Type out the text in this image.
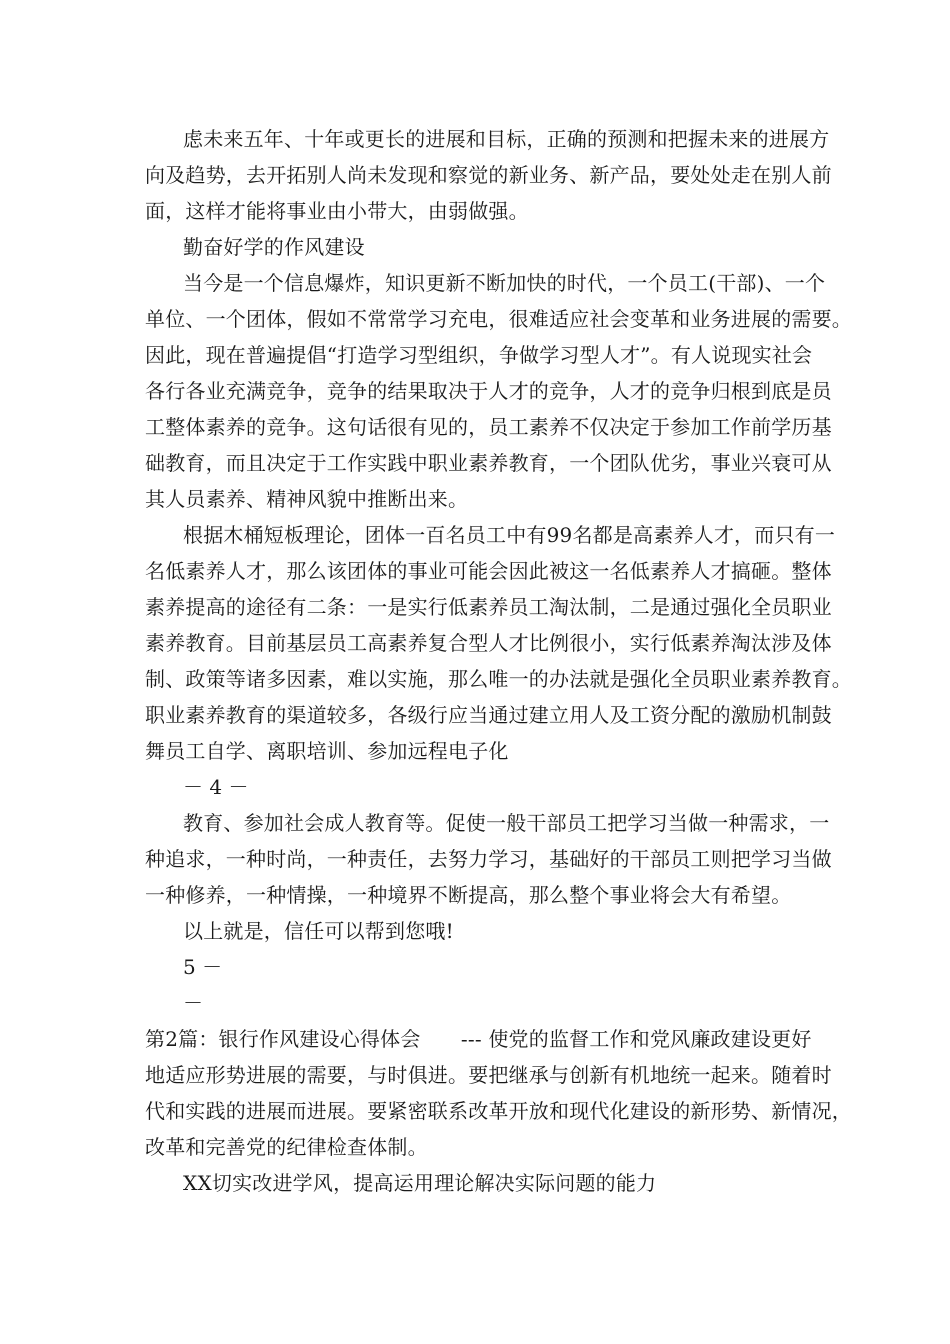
虑未来五年、十年或更长的进展和目标，正确的预测和把握未来的进展方
向及趋势，去开拓别人尚未发现和察觉的新业务、新产品，要处处走在别人前
面，这样才能将事业由小带大，由弱做强。
勤奋好学的作风建设
当今是一个信息爆炸，知识更新不断加快的时代，一个员工(干部)、一个
单位、一个团体，假如不常常学习充电，很难适应社会变革和业务进展的需要。
因此，现在普遍提倡“打造学习型组织，争做学习型人才”。有人说现实社会
各行各业充满竞争，竞争的结果取决于人才的竞争，人才的竞争归根到底是员
工整体素养的竞争。这句话很有见的，员工素养不仅决定于参加工作前学历基
础教育，而且决定于工作实践中职业素养教育，一个团队优劣，事业兴衰可从
其人员素养、精神风貌中推断出来。
根据木桶短板理论，团体一百名员工中有99名都是高素养人才，而只有一
名低素养人才，那么该团体的事业可能会因此被这一名低素养人才搞砸。整体
素养提高的途径有二条：一是实行低素养员工淘汰制，二是通过强化全员职业
素养教育。目前基层员工高素养复合型人才比例很小，实行低素养淘汰涉及体
制、政策等诸多因素，难以实施，那么唯一的办法就是强化全员职业素养教育。
职业素养教育的渠道较多，各级行应当通过建立用人及工资分配的激励机制鼓
舞员工自学、离职培训、参加远程电子化
－ 4 －
教育、参加社会成人教育等。促使一般干部员工把学习当做一种需求，一
种追求，一种时尚，一种责任，去努力学习，基础好的干部员工则把学习当做
一种修养，一种情操，一种境界不断提高，那么整个事业将会大有希望。
以上就是，信任可以帮到您哦!
5 －
－
第2篇：银行作风建设心得体会　　--- 使党的监督工作和党风廉政建设更好
地适应形势进展的需要，与时俱进。要把继承与创新有机地统一起来。随着时
代和实践的进展而进展。要紧密联系改革开放和现代化建设的新形势、新情况，
改革和完善党的纪律检查体制。
XX切实改进学风，提高运用理论解决实际问题的能力
